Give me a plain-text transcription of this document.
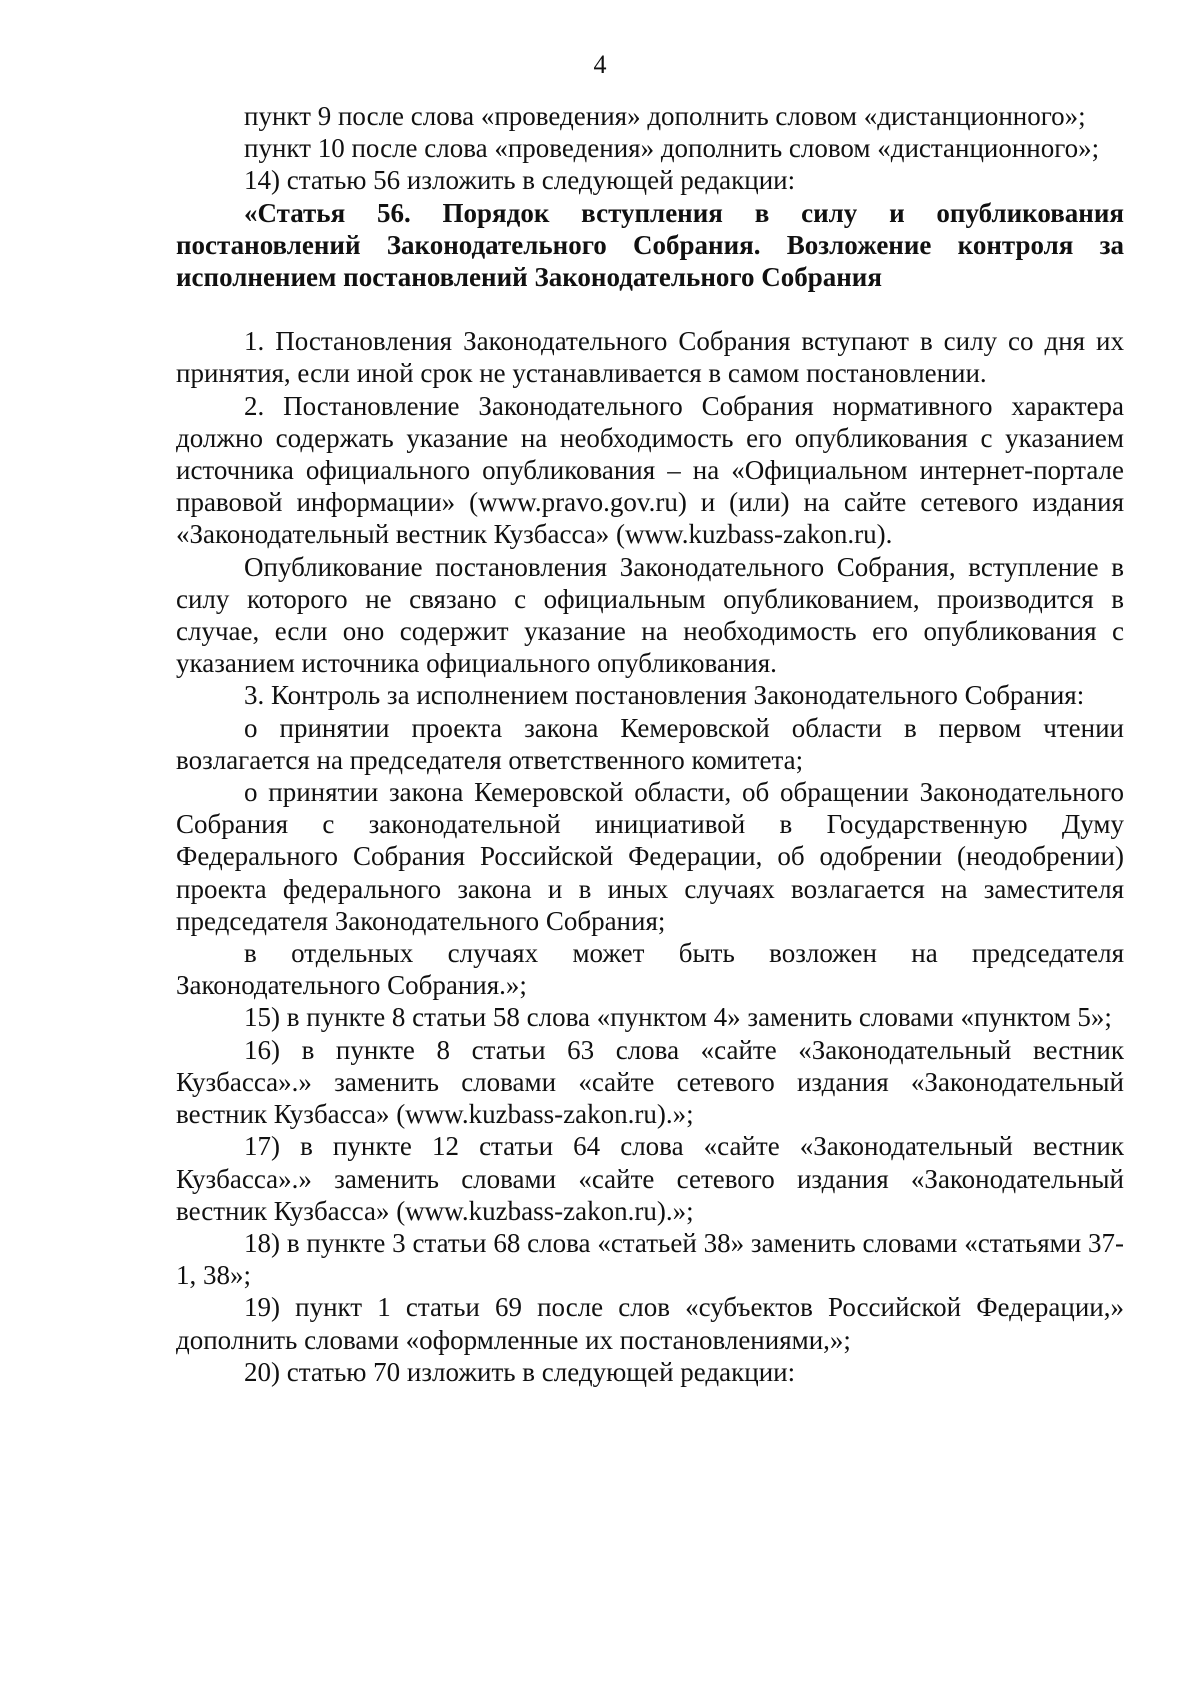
4

пункт 9 после слова «проведения» дополнить словом «дистанционного»;

пункт 10 после слова «проведения» дополнить словом «дистанционного»;

14) статью 56 изложить в следующей редакции:

«Статья 56. Порядок вступления в силу и опубликования постановлений Законодательного Собрания. Возложение контроля за исполнением постановлений Законодательного Собрания

1. Постановления Законодательного Собрания вступают в силу со дня их принятия, если иной срок не устанавливается в самом постановлении.

2. Постановление Законодательного Собрания нормативного характера должно содержать указание на необходимость его опубликования с указанием источника официального опубликования – на «Официальном интернет-портале правовой информации» (www.pravo.gov.ru) и (или) на сайте сетевого издания «Законодательный вестник Кузбасса» (www.kuzbass-zakon.ru).

Опубликование постановления Законодательного Собрания, вступление в силу которого не связано с официальным опубликованием, производится в случае, если оно содержит указание на необходимость его опубликования с указанием источника официального опубликования.

3. Контроль за исполнением постановления Законодательного Собрания:

о принятии проекта закона Кемеровской области в первом чтении возлагается на председателя ответственного комитета;

о принятии закона Кемеровской области, об обращении Законодательного Собрания с законодательной инициативой в Государственную Думу Федерального Собрания Российской Федерации, об одобрении (неодобрении) проекта федерального закона и в иных случаях возлагается на заместителя председателя Законодательного Собрания;

в отдельных случаях может быть возложен на председателя Законодательного Собрания.»;

15) в пункте 8 статьи 58 слова «пунктом 4» заменить словами «пунктом 5»;

16) в пункте 8 статьи 63 слова «сайте «Законодательный вестник Кузбасса».» заменить словами «сайте сетевого издания «Законодательный вестник Кузбасса» (www.kuzbass-zakon.ru).»;

17) в пункте 12 статьи 64 слова «сайте «Законодательный вестник Кузбасса».» заменить словами «сайте сетевого издания «Законодательный вестник Кузбасса» (www.kuzbass-zakon.ru).»;

18) в пункте 3 статьи 68 слова «статьей 38» заменить словами «статьями 37-1, 38»;

19) пункт 1 статьи 69 после слов «субъектов Российской Федерации,» дополнить словами «оформленные их постановлениями,»;

20) статью 70 изложить в следующей редакции:
